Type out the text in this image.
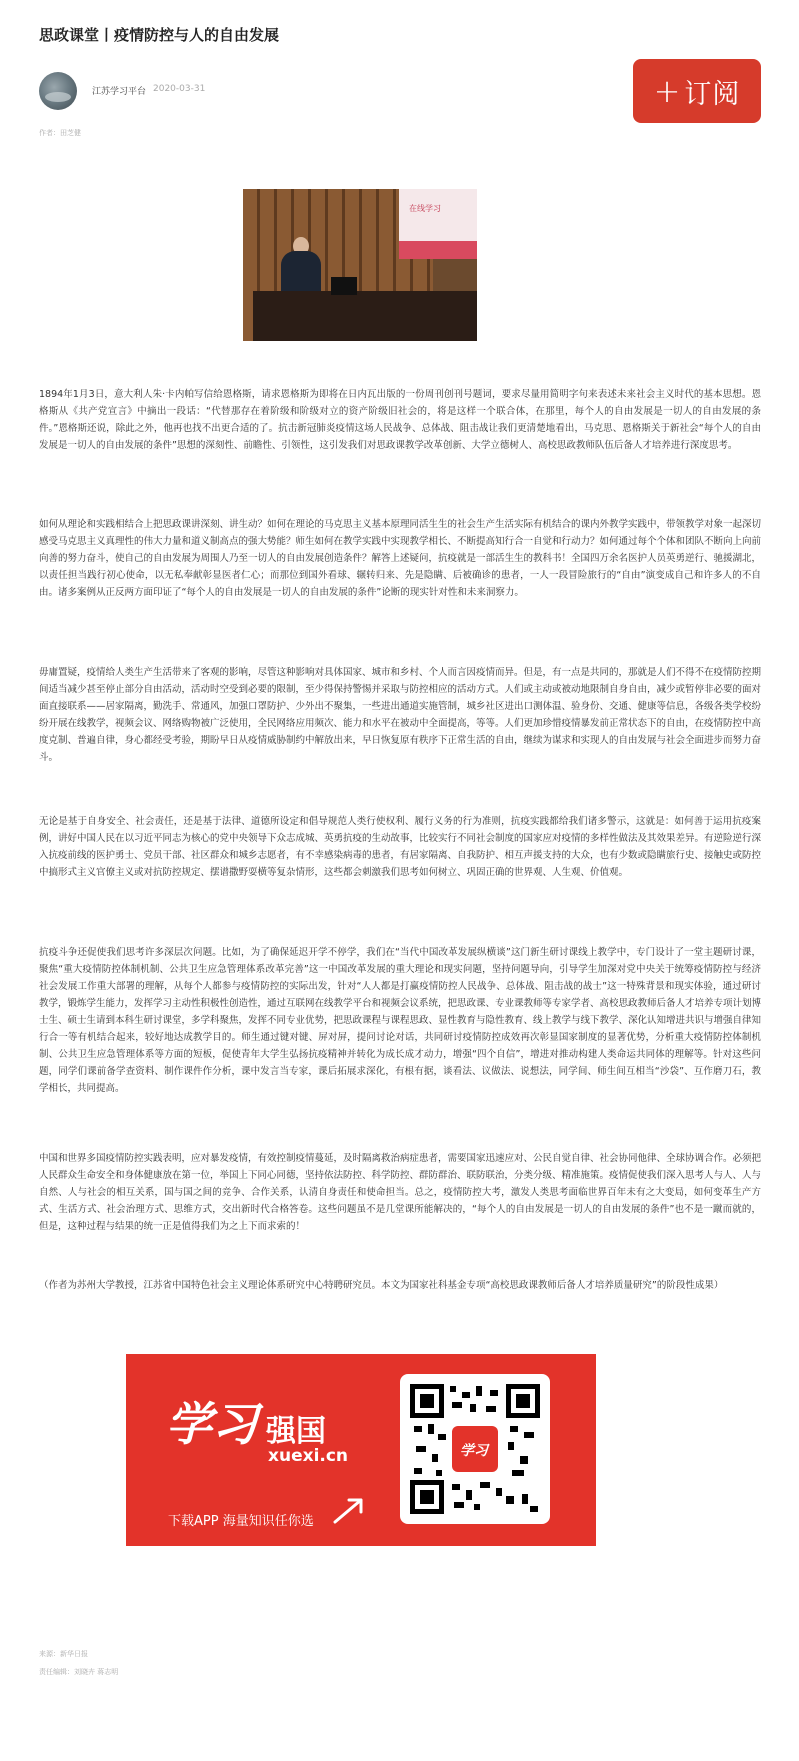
思政课堂丨疫情防控与人的自由发展
江苏学习平台 2020-03-31	+ 订阅
作者：田芝健
在线学习

1894年1月3日，意大利人朱·卡内帕写信给恩格斯，请求恩格斯为即将在日内瓦出版的一份周刊创刊号题词，要求尽量用简明字句来表述未来社会主义时代的基本思想。恩格斯从《共产党宣言》中摘出一段话：“代替那存在着阶级和阶级对立的资产阶级旧社会的，将是这样一个联合体，在那里，每个人的自由发展是一切人的自由发展的条件。”恩格斯还说，除此之外，他再也找不出更合适的了。抗击新冠肺炎疫情这场人民战争、总体战、阻击战让我们更清楚地看出，马克思、恩格斯关于新社会“每个人的自由发展是一切人的自由发展的条件”思想的深刻性、前瞻性、引领性，这引发我们对思政课教学改革创新、大学立德树人、高校思政教师队伍后备人才培养进行深度思考。

如何从理论和实践相结合上把思政课讲深刻、讲生动？如何在理论的马克思主义基本原理同活生生的社会生产生活实际有机结合的课内外教学实践中，带领教学对象一起深切感受马克思主义真理性的伟大力量和道义制高点的强大势能？师生如何在教学实践中实现教学相长、不断提高知行合一自觉和行动力？如何通过每个个体和团队不断向上向前向善的努力奋斗，使自己的自由发展为周围人乃至一切人的自由发展创造条件？解答上述疑问，抗疫就是一部活生生的教科书！全国四万余名医护人员英勇逆行、驰援湖北，以责任担当践行初心使命，以无私奉献彰显医者仁心；而那位到国外看球、辗转归来、先是隐瞒、后被确诊的患者，一人一段冒险旅行的“自由”演变成自己和许多人的不自由。诸多案例从正反两方面印证了“每个人的自由发展是一切人的自由发展的条件”论断的现实针对性和未来洞察力。

毋庸置疑，疫情给人类生产生活带来了客观的影响，尽管这种影响对具体国家、城市和乡村、个人而言因疫情而异。但是，有一点是共同的，那就是人们不得不在疫情防控期间适当减少甚至停止部分自由活动，活动时空受到必要的限制，至少得保持警惕并采取与防控相应的活动方式。人们或主动或被动地限制自身自由，减少或暂停非必要的面对面直接联系——居家隔离，勤洗手、常通风，加强口罩防护、少外出不聚集，一些进出通道实施管制，城乡社区进出口测体温、验身份、交通、健康等信息，各级各类学校纷纷开展在线教学，视频会议、网络购物被广泛使用，全民网络应用频次、能力和水平在被动中全面提高，等等。人们更加珍惜疫情暴发前正常状态下的自由，在疫情防控中高度克制、普遍自律，身心都经受考验，期盼早日从疫情威胁制约中解放出来，早日恢复原有秩序下正常生活的自由，继续为谋求和实现人的自由发展与社会全面进步而努力奋斗。

无论是基于自身安全、社会责任，还是基于法律、道德所设定和倡导规范人类行使权利、履行义务的行为准则，抗疫实践都给我们诸多警示，这就是：如何善于运用抗疫案例，讲好中国人民在以习近平同志为核心的党中央领导下众志成城、英勇抗疫的生动故事，比较实行不同社会制度的国家应对疫情的多样性做法及其效果差异。有逆险逆行深入抗疫前线的医护勇士、党员干部、社区群众和城乡志愿者，有不幸感染病毒的患者，有居家隔离、自我防护、相互声援支持的大众，也有少数或隐瞒旅行史、接触史或防控中搞形式主义官僚主义或对抗防控规定、摆谱撒野耍横等复杂情形，这些都会刺激我们思考如何树立、巩固正确的世界观、人生观、价值观。

抗疫斗争还促使我们思考许多深层次问题。比如，为了确保延迟开学不停学，我们在“当代中国改革发展纵横谈”这门新生研讨课线上教学中，专门设计了一堂主题研讨课，聚焦“重大疫情防控体制机制、公共卫生应急管理体系改革完善”这一中国改革发展的重大理论和现实问题，坚持问题导向，引导学生加深对党中央关于统筹疫情防控与经济社会发展工作重大部署的理解，从每个人都参与疫情防控的实际出发，针对“人人都是打赢疫情防控人民战争、总体战、阻击战的战士”这一特殊背景和现实体验，通过研讨教学，锻炼学生能力，发挥学习主动性积极性创造性，通过互联网在线教学平台和视频会议系统，把思政课、专业课教师等专家学者、高校思政教师后备人才培养专项计划博士生、硕士生请到本科生研讨课堂，多学科聚焦，发挥不同专业优势，把思政课程与课程思政、显性教育与隐性教育、线上教学与线下教学、深化认知增进共识与增强自律知行合一等有机结合起来，较好地达成教学目的。师生通过键对键、屏对屏，提问讨论对话，共同研讨疫情防控成效再次彰显国家制度的显著优势，分析重大疫情防控体制机制、公共卫生应急管理体系等方面的短板，促使青年大学生弘扬抗疫精神并转化为成长成才动力，增强“四个自信”，增进对推动构建人类命运共同体的理解等。针对这些问题，同学们课前备学查资料、制作课件作分析，课中发言当专家，课后拓展求深化，有根有据，谈看法、议做法、说想法，同学间、师生间互相当“沙袋”、互作磨刀石，教学相长，共同提高。

中国和世界多国疫情防控实践表明，应对暴发疫情，有效控制疫情蔓延，及时隔离救治病症患者，需要国家迅速应对、公民自觉自律、社会协同他律、全球协调合作。必须把人民群众生命安全和身体健康放在第一位，举国上下同心同德，坚持依法防控、科学防控、群防群治、联防联治，分类分级、精准施策。疫情促使我们深入思考人与人、人与自然、人与社会的相互关系，国与国之间的竞争、合作关系，认清自身责任和使命担当。总之，疫情防控大考，激发人类思考面临世界百年未有之大变局，如何变革生产方式、生活方式、社会治理方式、思维方式，交出新时代合格答卷。这些问题虽不是几堂课所能解决的，“每个人的自由发展是一切人的自由发展的条件”也不是一蹴而就的，但是，这种过程与结果的统一正是值得我们为之上下而求索的！

（作者为苏州大学教授，江苏省中国特色社会主义理论体系研究中心特聘研究员。本文为国家社科基金专项“高校思政课教师后备人才培养质量研究”的阶段性成果）

学习 强国
xuexi.cn
下载APP 海量知识任你选
学习
来源：新华日报
责任编辑：刘晓卉 蒋志明
